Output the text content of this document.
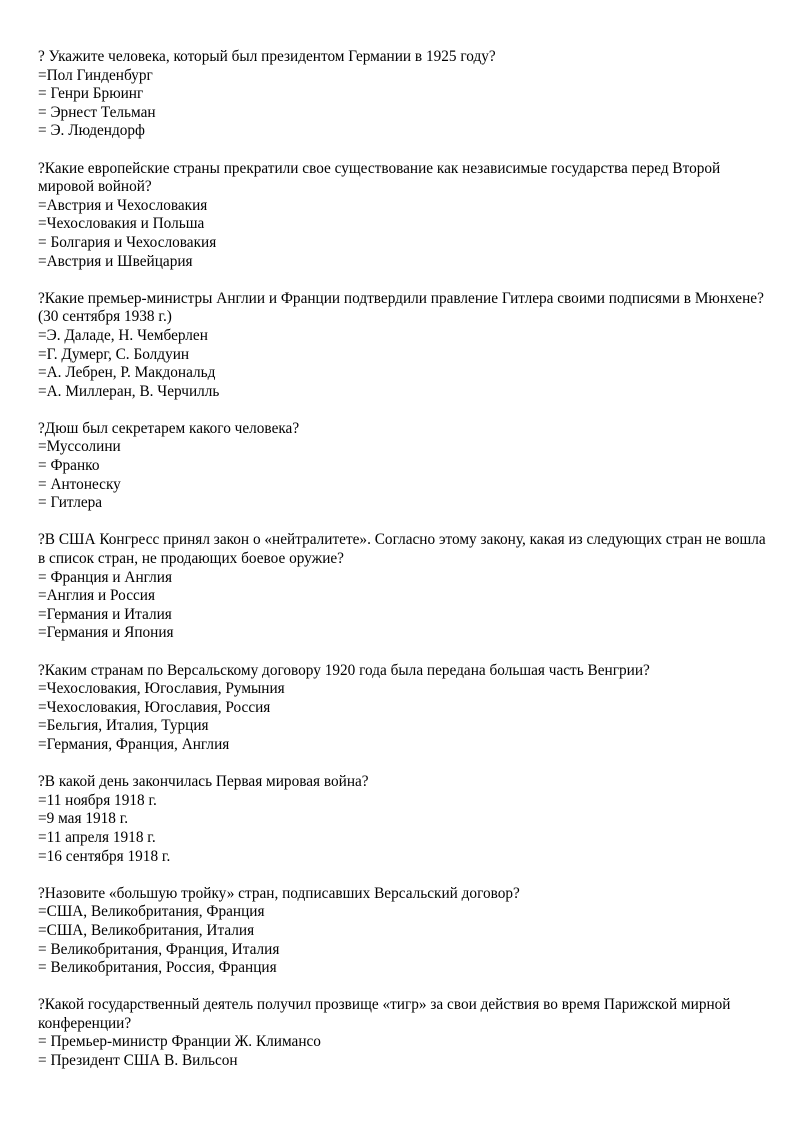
? Укажите человека, который был президентом Германии в 1925 году?
=Пол Гинденбург
= Генри Брюинг
= Эрнест Тельман
= Э. Людендорф
?Какие европейские страны прекратили свое существование как независимые государства перед Второй мировой войной?
=Австрия и Чехословакия
=Чехословакия и Польша
= Болгария и Чехословакия
=Австрия и Швейцария
?Какие премьер-министры Англии и Франции подтвердили правление Гитлера своими подписями в Мюнхене? (30 сентября 1938 г.)
=Э. Даладе, Н. Чемберлен
=Г. Думерг, С. Болдуин
=А. Лебрен, Р. Макдональд
=А. Миллеран, В. Черчилль
?Дюш был секретарем какого человека?
=Муссолини
= Франко
= Антонеску
= Гитлера
?В США Конгресс принял закон о «нейтралитете». Согласно этому закону, какая из следующих стран не вошла в список стран, не продающих боевое оружие?
= Франция и Англия
=Англия и Россия
=Германия и Италия
=Германия и Япония
?Каким странам по Версальскому договору 1920 года была передана большая часть Венгрии?
=Чехословакия, Югославия, Румыния
=Чехословакия, Югославия, Россия
=Бельгия, Италия, Турция
=Германия, Франция, Англия
?В какой день закончилась Первая мировая война?
=11 ноября 1918 г.
=9 мая 1918 г.
=11 апреля 1918 г.
=16 сентября 1918 г.
?Назовите «большую тройку» стран, подписавших Версальский договор?
=США, Великобритания, Франция
=США, Великобритания, Италия
= Великобритания, Франция, Италия
= Великобритания, Россия, Франция
?Какой государственный деятель получил прозвище «тигр» за свои действия во время Парижской мирной конференции?
= Премьер-министр Франции Ж. Климансо
= Президент США В. Вильсон
